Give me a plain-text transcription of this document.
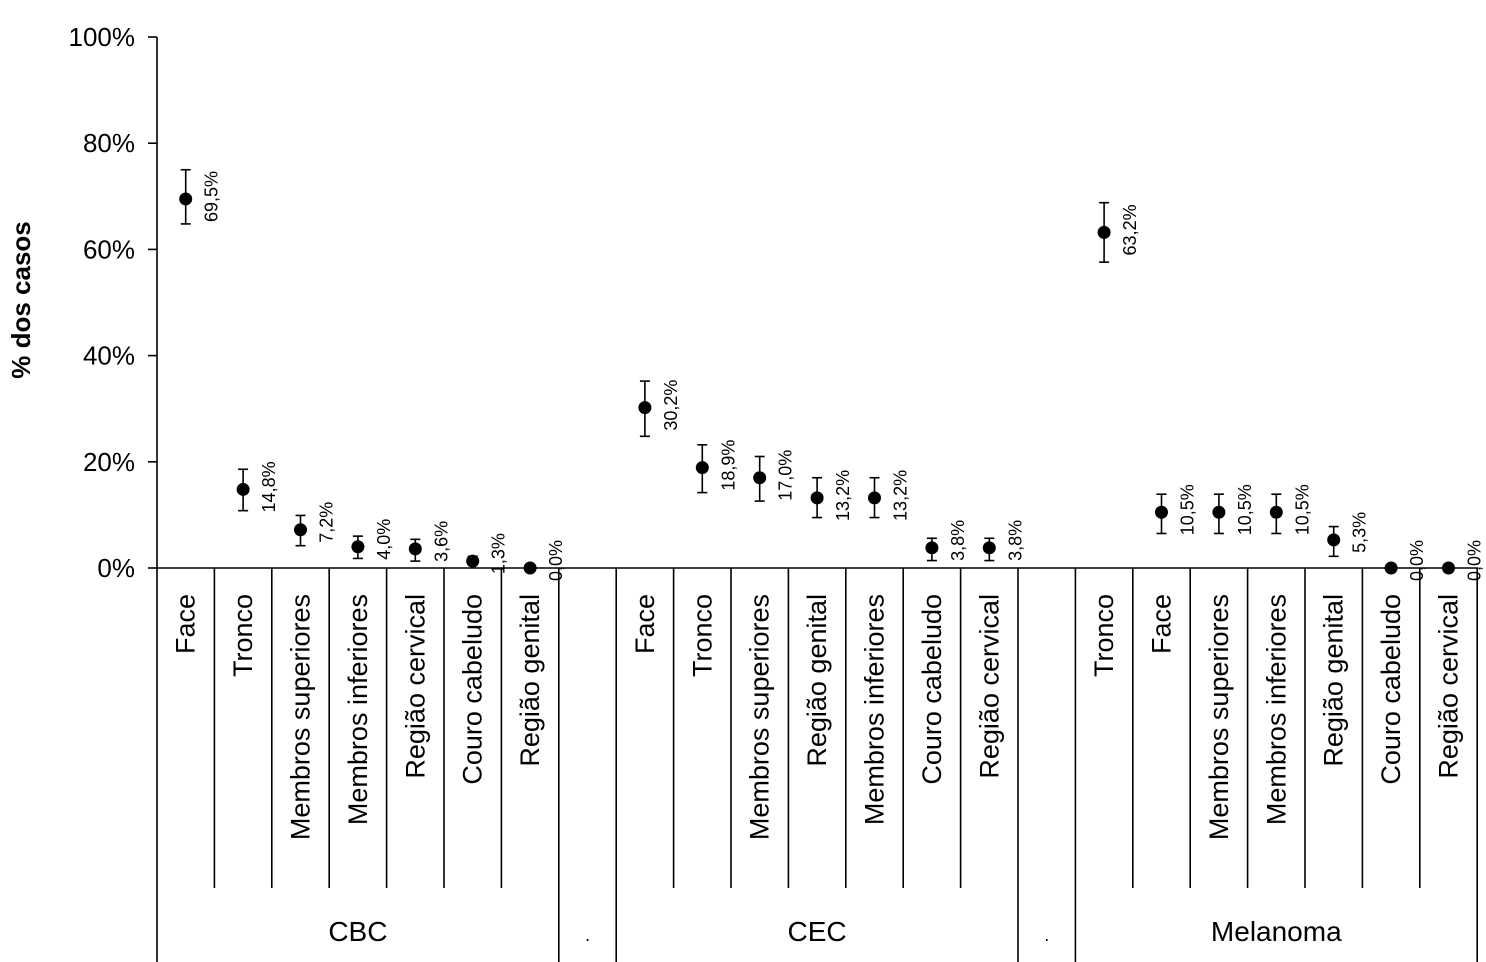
0%
20%
40%
60%
80%
100%
% dos casos
Face Tronco Membros superiores Membros inferiores Região cervical Couro cabeludo Região genital
CBC	.
Face Tronco Membros superiores Região genital Membros inferiores Couro cabeludo Região cervical
CEC	.
Tronco Face Membros superiores Membros inferiores Região genital Couro cabeludo Região cervical
Melanoma
69,5%
14,8%
7,2% 4,0% 3,6% 1,3% 0,0%
30,2%
18,9% 17,0% 13,2% 13,2%
3,8% 3,8%
63,2%
10,5% 10,5% 10,5% 5,3%
0,0% 0,0%
